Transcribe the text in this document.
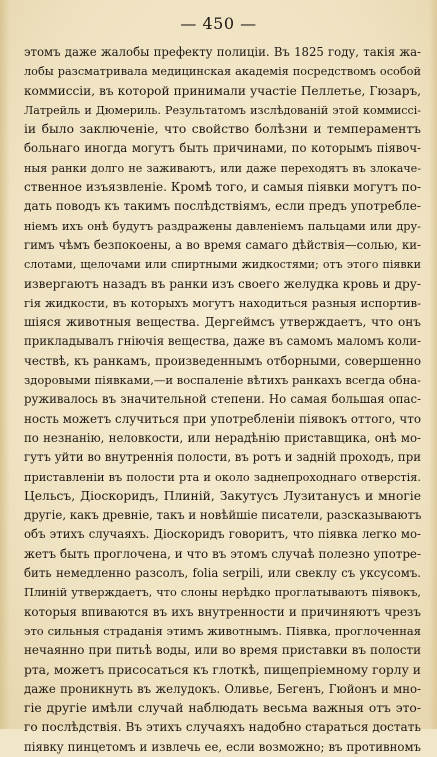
— 450 —
этомъ даже жалобы префекту полиціи. Въ 1825 году, такія жа-
лобы разсматривала медицинская академія посредствомъ особой
коммиссіи, въ которой принимали участіе Пеллетье, Гюзаръ,
Латрейль и Дюмериль. Результатомъ изслѣдованій этой коммисcі-
іи было заключеніе, что свойство болѣзни и темпераментъ
больнаго иногда могутъ быть причинами, по которымъ піявоч-
ныя ранки долго не заживаютъ, или даже переходятъ въ злокаче-
ственное изъязвленіе. Кромѣ того, и самыя піявки могутъ по-
дать поводъ къ такимъ послѣдствіямъ, если предъ употребле-
ніемъ ихъ онѣ будутъ раздражены давленіемъ пальцами или дру-
гимъ чѣмъ безпокоены, а во время самаго дѣйствія—солью, ки-
слотами, щелочами или спиртными жидкостями; отъ этого піявки
извергаютъ назадъ въ ранки изъ своего желудка кровь и дру-
гія жидкости, въ которыхъ могутъ находиться разныя испортив-
шіяся животныя вещества. Дергеймсъ утверждаетъ, что онъ
прикладывалъ гніючія вещества, даже въ самомъ маломъ коли-
чествѣ, къ ранкамъ, произведеннымъ отборными, совершенно
здоровыми піявками,—и воспаленіе вѣтихъ ранкахъ всегда обна-
руживалось въ значительной степени. Но самая большая опас-
ность можетъ случиться при употребленіи піявокъ оттого, что
по незнанію, неловкости, или нерадѣнію приставщика, онѣ мо-
гутъ уйти во внутреннія полости, въ ротъ и задній проходъ, при
приставленіи въ полости рта и около заднепроходнаго отверстія.
Цельсъ, Діоскоридъ, Плиній, Закутусъ Лузитанусъ и многіе
другіе, какъ древніе, такъ и новѣйшіе писатели, разсказываютъ
объ этихъ случаяхъ. Діоскоридъ говоритъ, что піявка легко мо-
жетъ быть проглочена, и что въ этомъ случаѣ полезно употре-
бить немедленно разсолъ, folia serpili, или свеклу съ уксусомъ.
Плиній утверждаетъ, что слоны нерѣдко проглатываютъ піявокъ,
которыя впиваются въ ихъ внутренности и причиняютъ чрезъ
это сильныя страданія этимъ животнымъ. Піявка, проглоченная
нечаянно при питьѣ воды, или во время приставки въ полости
рта, можетъ присосаться къ глоткѣ, пищепріемному горлу и
даже проникнуть въ желудокъ. Оливье, Бегенъ, Гюйонъ и мно-
гіе другіе имѣли случай наблюдать весьма важныя отъ это-
го послѣдствія. Въ этихъ случаяхъ надобно стараться достать
піявку пинцетомъ и извлечь ее, если возможно; въ противномъ
